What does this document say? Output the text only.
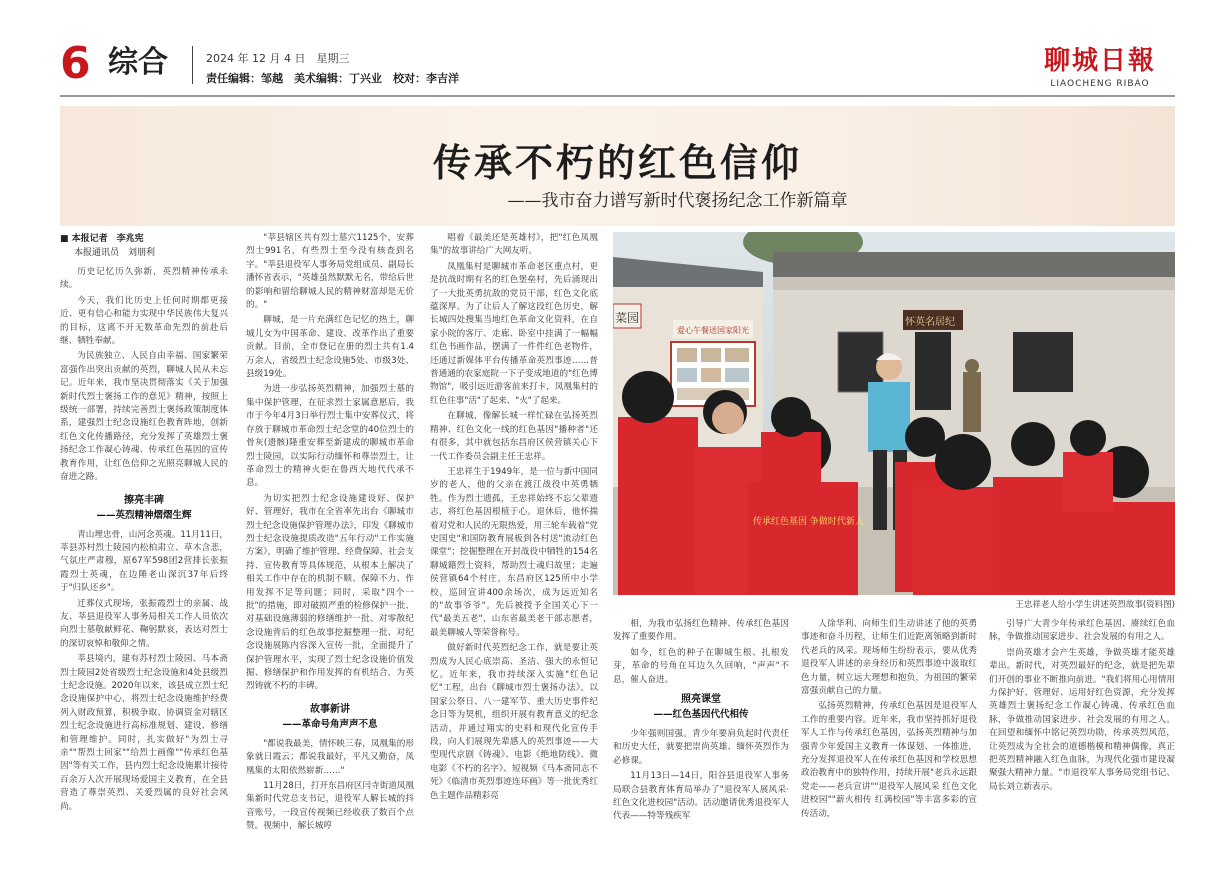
6 综合	2024 年 12 月 4 日　星期三
责任编辑：邹越　美术编辑：丁兴业　校对：李吉洋
聊城日報
LIAOCHENG RIBAO
传承不朽的红色信仰
——我市奋力谱写新时代褒扬纪念工作新篇章
■ 本报记者　李兆宪
本报通讯员　刘朋利

历史记忆历久弥新，英烈精神传承永续。

今天，我们比历史上任何时期都更接近、更有信心和能力实现中华民族伟大复兴的目标，这离不开无数革命先烈的前赴后继、牺牲奉献。

为民族独立、人民自由幸福、国家繁荣富强作出突出贡献的英烈，聊城人民从未忘记。近年来，我市坚决贯彻落实《关于加强新时代烈士褒扬工作的意见》精神，按照上级统一部署，持续完善烈士褒扬政策制度体系，建强烈士纪念设施红色教育阵地，创新红色文化传播路径，充分发挥了英雄烈士褒扬纪念工作凝心铸魂、传承红色基因的宣传教育作用，让红色信仰之光照亮聊城人民的奋进之路。

擦亮丰碑
——英烈精神熠熠生辉

青山埋忠骨，山河念英魂。11月11日，莘县苏村烈士陵园内松柏肃立、草木含悲，气氛庄严肃穆，原67军598团2营排长张振霞烈士英魂，在边陲老山深沉37年后终于"归队还乡"。

迁葬仪式现场，张振霞烈士的亲属、战友、莘县退役军人事务局相关工作人员依次向烈士墓敬献鲜花、鞠躬默哀，表达对烈士的深切哀悼和敬仰之情。

莘县境内，建有苏村烈士陵园、马本斋烈士陵园2处省级烈士纪念设施和4处县级烈士纪念设施。2020年以来，该县成立烈士纪念设施保护中心，将烈士纪念设施维护经费列入财政预算，积极争取、协调资金对辖区烈士纪念设施进行高标准规划、建设、修缮和管理维护。同时，扎实做好"为烈士寻亲""帮烈士回家""给烈士画像""传承红色基因"等有关工作，县内烈士纪念设施累计接待百余万人次开展现场爱国主义教育，在全县营造了尊崇英烈、关爱烈属的良好社会风尚。

"莘县辖区共有烈士墓穴1125个，安葬烈士991名，有些烈士至今没有核查到名字。"莘县退役军人事务局党组成员、副局长潘怀省表示，"英雄虽然默默无名，带给后世的影响和留给聊城人民的精神财富却是无价的。"

聊城，是一片充满红色记忆的热土，聊城儿女为中国革命、建设、改革作出了重要贡献。目前，全市登记在册的烈士共有1.4万余人，省级烈士纪念设施5处、市级3处、县级19处。

为进一步弘扬英烈精神，加强烈士墓的集中保护管理，在征求烈士家属意愿后，我市于今年4月3日举行烈士集中安葬仪式，将存放于聊城市革命烈士纪念堂的40位烈士的骨灰(遗骸)隆重安葬至新建成的聊城市革命烈士陵园，以实际行动缅怀和尊崇烈士，让革命烈士的精神火炬在鲁西大地代代承不息。

为切实把烈士纪念设施建设好、保护好、管理好，我市在全省率先出台《聊城市烈士纪念设施保护管理办法》，印发《聊城市烈士纪念设施提质改造"五年行动"工作实施方案》，明确了维护管理、经费保障、社会支持、宣传教育等具体规范，从根本上解决了相关工作中存在的机制不顺、保障不力、作用发挥不足等问题；同时，采取"四个一批"的措施，即对破损严重的检修保护一批、对基础设施薄弱的修缮维护一批、对零散纪念设施背后的红色故事挖掘整理一批、对纪念设施展陈内容深入宣传一批，全面提升了保护管理水平，实现了烈士纪念设施价值发掘、修缮保护和作用发挥的有机结合，为英烈铸就不朽的丰碑。

故事新讲
——革命号角声声不息

"都说我最美，情怀映三春，凤凰集的形象就日霞云；都说我最好，平凡又勤奋，凤凰集的太阳依然崭新……"

11月28日，打开东昌府区闫寺街道凤凰集新时代党总支书记，退役军人解长城的抖音账号，一段宣传视频已经收获了数百个点赞。视频中，解长城哼

唱着《最美还是英雄村》，把"红色凤凰集"的故事讲给广大网友听。

凤凰集村是聊城市革命老区重点村，更是抗战时期有名的红色堡垒村，先后涌现出了一大批英勇抗敌的党员干部，红色文化底蕴深厚。为了让后人了解这段红色历史，解长城四处搜集当地红色革命文化资料，在自家小院的客厅、走廊、卧室中挂满了一幅幅红色书画作品，摆满了一件件红色老物件，还通过新媒体平台传播革命英烈事迹……普普通通的农家庭院一下子变成地道的"红色博物馆"，吸引远近游客前来打卡，凤凰集村的红色往事"活"了起来、"火"了起来。

在聊城，像解长城一样忙碌在弘扬英烈精神、红色文化一线的红色基因"播种者"还有很多，其中就包括东昌府区侯营镇关心下一代工作委员会副主任王忠祥。

王忠祥生于1949年，是一位与新中国同岁的老人，他的父亲在渡江战役中英勇牺牲。作为烈士遗孤，王忠祥始终不忘父辈遗志，将红色基因根植于心。退休后，他怀揣着对党和人民的无限热爱，用三轮车载着"党史国史"和国防教育展板到各村送"流动红色课堂"；挖掘整理在开封战役中牺牲的154名聊城籍烈士资料，帮助烈士魂归故里；走遍侯营镇64个村庄，东昌府区125所中小学校，巡回宣讲400余场次，成为远近知名的"故事爷爷"。先后被授予全国关心下一代"最美五老"，山东省最美老干部志愿者，最美聊城人等荣誉称号。

做好新时代英烈纪念工作，就是要让英烈成为人民心底崇高、圣洁、强大的永恒记忆。近年来，我市持续深入实施"红色记忆"工程，出台《聊城市烈士褒扬办法》，以国家公祭日、八一建军节、重大历史事件纪念日等为契机，组织开展有教育意义的纪念活动，并通过翔实的史料和现代化宣传手段，向人们展现先辈感人的英烈事迹——大型现代京剧《铸魂》、电影《绝地防线》、微电影《不朽的名字》、短视频《马本斋同志不死》《临清市英烈事迹连环画》等一批优秀红色主题作品精彩亮

菜园
爱心午餐送国家阳光
怀英名居纪
传承红色基因 争做时代新人
王忠祥老人给小学生讲述英烈故事(资料图)

相，为我市弘扬红色精神、传承红色基因发挥了重要作用。

如今，红色的种子在聊城生根、扎根发芽，革命的号角在耳边久久回响，"声声"不息，催人奋进。

照亮课堂
——红色基因代代相传

少年强则国强。青少年要肩负起时代责任和历史大任，就要把崇尚英雄、缅怀英烈作为必修课。

11月13日—14日，阳谷县退役军人事务局联合县教育体育局举办了"退役军人展风采·红色文化进校园"活动。活动邀请优秀退役军人代表——特等残疾军

人徐华利、向师生们生动讲述了他的英勇事迹和奋斗历程，让师生们近距离领略到新时代老兵的风采。现场师生纷纷表示，要从优秀退役军人讲述的亲身经历和英烈事迹中汲取红色力量，树立远大理想和抱负，为祖国的繁荣富强贡献自己的力量。

弘扬英烈精神，传承红色基因是退役军人工作的重要内容。近年来，我市坚持抓好退役军人工作与传承红色基因，弘扬英烈精神与加强青少年爱国主义教育一体谋划、一体推进，充分发挥退役军人在传承红色基因和学校思想政治教育中的独特作用，持续开展"老兵永远跟党走——老兵宣讲""退役军人展风采 红色文化进校园""薪火相传 红满校园"等丰富多彩的宣传活动，

引导广大青少年传承红色基因、赓续红色血脉，争做推动国家进步、社会发展的有用之人。

崇尚英雄才会产生英雄，争做英雄才能英雄辈出。新时代，对英烈最好的纪念，就是把先辈们开创的事业不断推向前进。"我们将用心用情用力保护好、管理好、运用好红色资源，充分发挥英雄烈士褒扬纪念工作凝心铸魂、传承红色血脉，争做推动国家进步、社会发展的有用之人。在回望和缅怀中铭记英烈功勋，传承英烈风范，让英烈成为全社会的道德楷模和精神偶像，真正把英烈精神融入红色血脉，为现代化强市建设凝聚强大精神力量。"市退役军人事务局党组书记、局长刘立新表示。
